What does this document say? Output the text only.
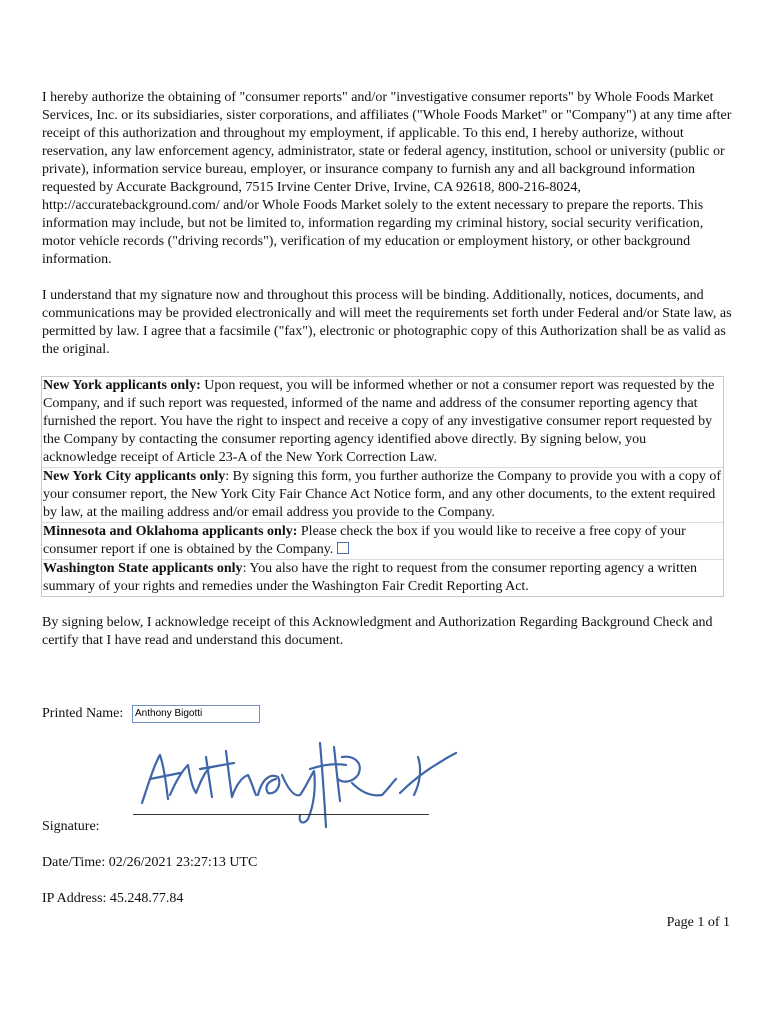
I hereby authorize the obtaining of "consumer reports" and/or "investigative consumer reports" by Whole Foods Market Services, Inc. or its subsidiaries, sister corporations, and affiliates ("Whole Foods Market" or "Company") at any time after receipt of this authorization and throughout my employment, if applicable. To this end, I hereby authorize, without reservation, any law enforcement agency, administrator, state or federal agency, institution, school or university (public or private), information service bureau, employer, or insurance company to furnish any and all background information requested by Accurate Background, 7515 Irvine Center Drive, Irvine, CA 92618, 800-216-8024, http://accuratebackground.com/ and/or Whole Foods Market solely to the extent necessary to prepare the reports. This information may include, but not be limited to, information regarding my criminal history, social security verification, motor vehicle records ("driving records"), verification of my education or employment history, or other background information.

I understand that my signature now and throughout this process will be binding. Additionally, notices, documents, and communications may be provided electronically and will meet the requirements set forth under Federal and/or State law, as permitted by law. I agree that a facsimile ("fax"), electronic or photographic copy of this Authorization shall be as valid as the original.

New York applicants only: Upon request, you will be informed whether or not a consumer report was requested by the Company, and if such report was requested, informed of the name and address of the consumer reporting agency that furnished the report. You have the right to inspect and receive a copy of any investigative consumer report requested by the Company by contacting the consumer reporting agency identified above directly. By signing below, you acknowledge receipt of Article 23-A of the New York Correction Law.
New York City applicants only: By signing this form, you further authorize the Company to provide you with a copy of your consumer report, the New York City Fair Chance Act Notice form, and any other documents, to the extent required by law, at the mailing address and/or email address you provide to the Company.
Minnesota and Oklahoma applicants only: Please check the box if you would like to receive a free copy of your consumer report if one is obtained by the Company.
Washington State applicants only: You also have the right to request from the consumer reporting agency a written summary of your rights and remedies under the Washington Fair Credit Reporting Act.

By signing below, I acknowledge receipt of this Acknowledgment and Authorization Regarding Background Check and certify that I have read and understand this document.

Printed Name:	Anthony Bigotti
Signature:
Date/Time: 02/26/2021 23:27:13 UTC
IP Address: 45.248.77.84
Page 1 of 1
